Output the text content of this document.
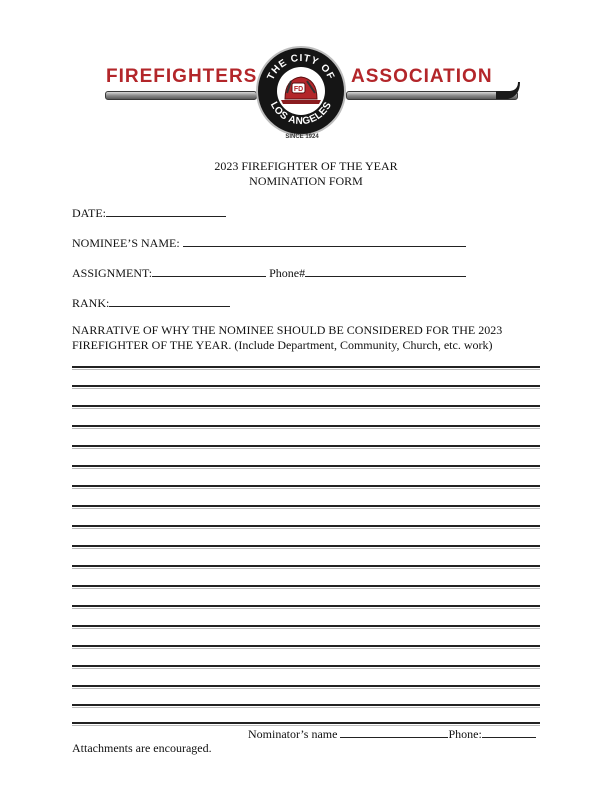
FIREFIGHTERS	ASSOCIATION
THE CITY OF
LOS ANGELES
FD
SINCE 1924
2023 FIREFIGHTER OF THE YEAR
NOMINATION FORM
DATE:
NOMINEE’S NAME:
ASSIGNMENT:	Phone#
RANK:
NARRATIVE OF WHY THE NOMINEE SHOULD BE CONSIDERED FOR THE 2023
FIREFIGHTER OF THE YEAR. (Include Department, Community, Church, etc. work)
Nominator’s name	Phone:
Attachments are encouraged.
